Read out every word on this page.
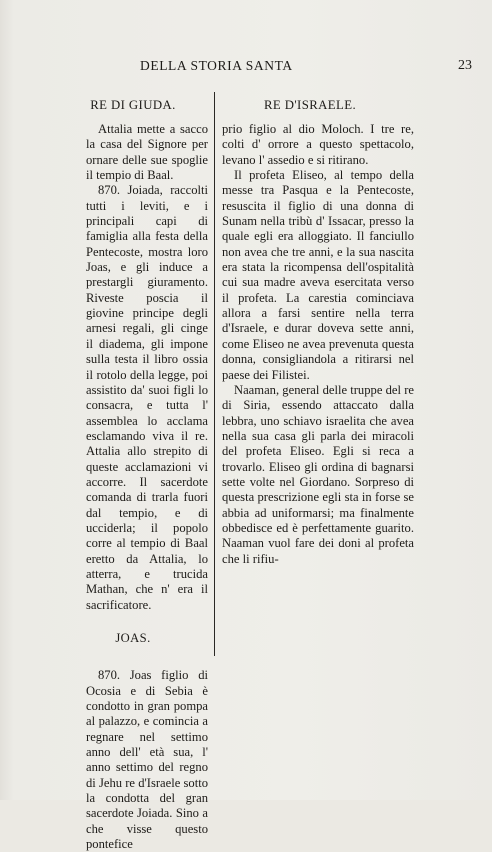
DELLA STORIA SANTA	23
RE DI GIUDA.

Attalia mette a sacco la casa del Signore per ornare delle sue spoglie il tempio di Baal.

870. Joiada, raccolti tutti i leviti, e i principali capi di famiglia alla festa della Pentecoste, mostra loro Joas, e gli induce a prestargli giuramento. Riveste poscia il giovine principe degli arnesi regali, gli cinge il diadema, gli impone sulla testa il libro ossia il rotolo della legge, poi assistito da' suoi figli lo consacra, e tutta l' assemblea lo acclama esclamando viva il re. Attalia allo strepito di queste acclamazioni vi accorre. Il sacerdote comanda di trarla fuori dal tempio, e di ucciderla; il popolo corre al tempio di Baal eretto da Attalia, lo atterra, e trucida Mathan, che n' era il sacrificatore.

JOAS.

870. Joas figlio di Ocosia e di Sebia è condotto in gran pompa al palazzo, e comincia a regnare nel settimo anno dell' età sua, l' anno settimo del regno di Jehu re d'Israele sotto la condotta del gran sacerdote Joiada. Sino a che visse questo pontefice

RE D'ISRAELE.

prio figlio al dio Moloch. I tre re, colti d' orrore a questo spettacolo, levano l' assedio e si ritirano.

Il profeta Eliseo, al tempo della messe tra Pasqua e la Pentecoste, resuscita il figlio di una donna di Sunam nella tribù d' Issacar, presso la quale egli era alloggiato. Il fanciullo non avea che tre anni, e la sua nascita era stata la ricompensa dell'ospitalità cui sua madre aveva esercitata verso il profeta. La carestia cominciava allora a farsi sentire nella terra d'Israele, e durar doveva sette anni, come Eliseo ne avea prevenuta questa donna, consigliandola a ritirarsi nel paese dei Filistei.

Naaman, general delle truppe del re di Siria, essendo attaccato dalla lebbra, uno schiavo israelita che avea nella sua casa gli parla dei miracoli del profeta Eliseo. Egli si reca a trovarlo. Eliseo gli ordina di bagnarsi sette volte nel Giordano. Sorpreso di questa prescrizione egli sta in forse se abbia ad uniformarsi; ma finalmente obbedisce ed è perfettamente guarito. Naaman vuol fare dei doni al profeta che li rifiu-
